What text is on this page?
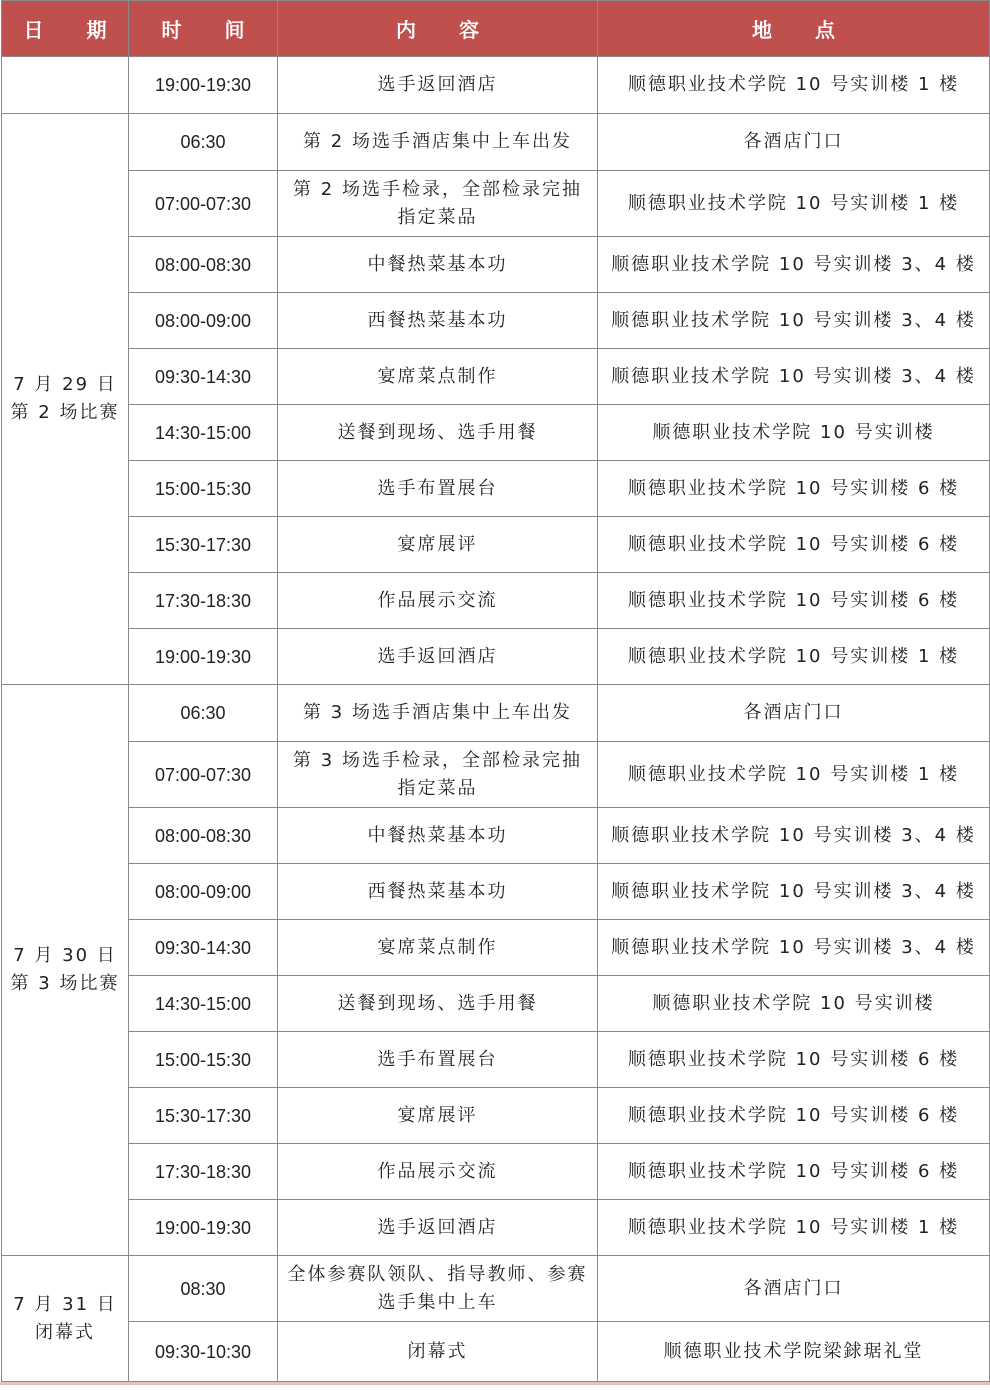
日 期	时 间	内 容	地 点
	19:00-19:30	选手返回酒店	顺德职业技术学院 10 号实训楼 1 楼

7 月 29 日
第 2 场比赛	06:30	第 2 场选手酒店集中上车出发	各酒店门口
	07:00-07:30	第 2 场选手检录，全部检录完抽指定菜品	顺德职业技术学院 10 号实训楼 1 楼
	08:00-08:30	中餐热菜基本功	顺德职业技术学院 10 号实训楼 3、4 楼
	08:00-09:00	西餐热菜基本功	顺德职业技术学院 10 号实训楼 3、4 楼
	09:30-14:30	宴席菜点制作	顺德职业技术学院 10 号实训楼 3、4 楼
	14:30-15:00	送餐到现场、选手用餐	顺德职业技术学院 10 号实训楼
	15:00-15:30	选手布置展台	顺德职业技术学院 10 号实训楼 6 楼
	15:30-17:30	宴席展评	顺德职业技术学院 10 号实训楼 6 楼
	17:30-18:30	作品展示交流	顺德职业技术学院 10 号实训楼 6 楼
	19:00-19:30	选手返回酒店	顺德职业技术学院 10 号实训楼 1 楼

7 月 30 日
第 3 场比赛	06:30	第 3 场选手酒店集中上车出发	各酒店门口
	07:00-07:30	第 3 场选手检录，全部检录完抽指定菜品	顺德职业技术学院 10 号实训楼 1 楼
	08:00-08:30	中餐热菜基本功	顺德职业技术学院 10 号实训楼 3、4 楼
	08:00-09:00	西餐热菜基本功	顺德职业技术学院 10 号实训楼 3、4 楼
	09:30-14:30	宴席菜点制作	顺德职业技术学院 10 号实训楼 3、4 楼
	14:30-15:00	送餐到现场、选手用餐	顺德职业技术学院 10 号实训楼
	15:00-15:30	选手布置展台	顺德职业技术学院 10 号实训楼 6 楼
	15:30-17:30	宴席展评	顺德职业技术学院 10 号实训楼 6 楼
	17:30-18:30	作品展示交流	顺德职业技术学院 10 号实训楼 6 楼
	19:00-19:30	选手返回酒店	顺德职业技术学院 10 号实训楼 1 楼

7 月 31 日
闭幕式	08:30	全体参赛队领队、指导教师、参赛选手集中上车	各酒店门口
	09:30-10:30	闭幕式	顺德职业技术学院梁銶琚礼堂
